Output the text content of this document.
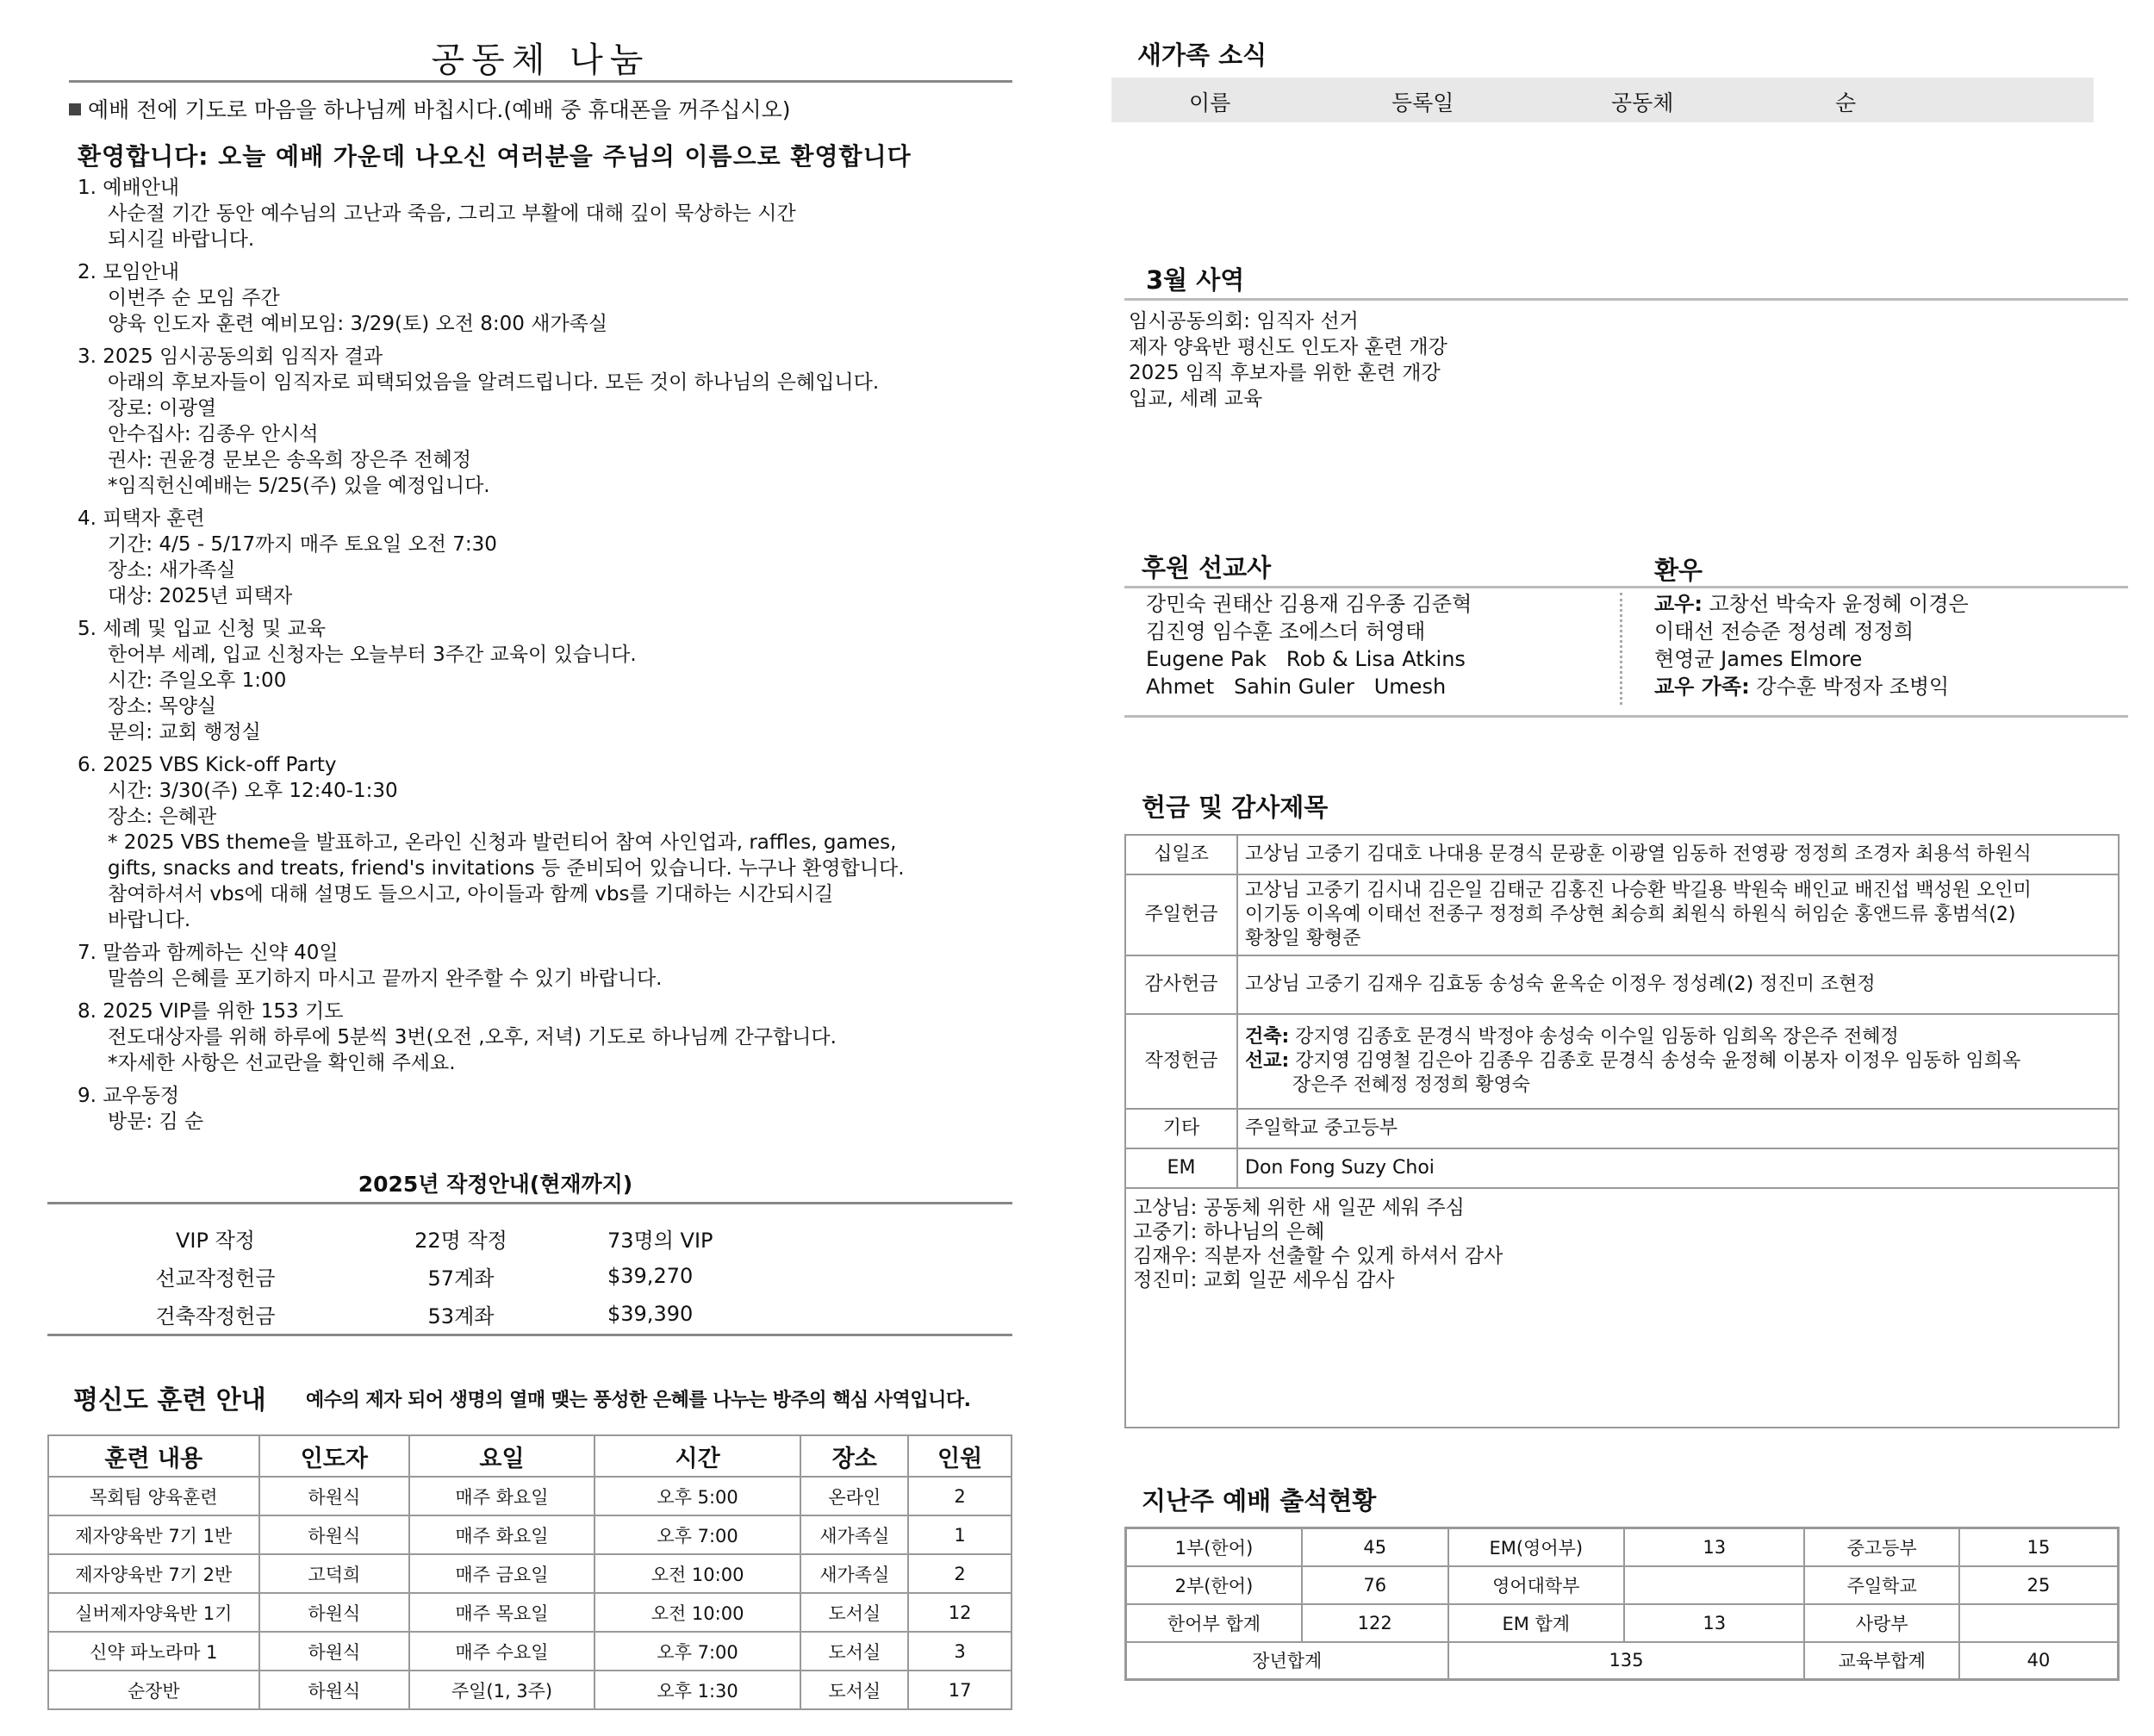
공동체 나눔
예배 전에 기도로 마음을 하나님께 바칩시다.(예배 중 휴대폰을 꺼주십시오)
환영합니다: 오늘 예배 가운데 나오신 여러분을 주님의 이름으로 환영합니다
1. 예배안내
사순절 기간 동안 예수님의 고난과 죽음, 그리고 부활에 대해 깊이 묵상하는 시간
되시길 바랍니다.
2. 모임안내
이번주 순 모임 주간
양육 인도자 훈련 예비모임: 3/29(토) 오전 8:00 새가족실
3. 2025 임시공동의회 임직자 결과
아래의 후보자들이 임직자로 피택되었음을 알려드립니다. 모든 것이 하나님의 은혜입니다.
장로: 이광열
안수집사: 김종우 안시석
권사: 권윤경 문보은 송옥희 장은주 전혜정
*임직헌신예배는 5/25(주) 있을 예정입니다.
4. 피택자 훈련
기간: 4/5 - 5/17까지 매주 토요일 오전 7:30
장소: 새가족실
대상: 2025년 피택자
5. 세례 및 입교 신청 및 교육
한어부 세례, 입교 신청자는 오늘부터 3주간 교육이 있습니다.
시간: 주일오후 1:00
장소: 목양실
문의: 교회 행정실
6. 2025 VBS Kick-off Party
시간: 3/30(주) 오후 12:40-1:30
장소: 은혜관
* 2025 VBS theme을 발표하고, 온라인 신청과 발런티어 참여 사인업과, raffles, games,
gifts, snacks and treats, friend's invitations 등 준비되어 있습니다. 누구나 환영합니다.
참여하셔서 vbs에 대해 설명도 들으시고, 아이들과 함께 vbs를 기대하는 시간되시길
바랍니다.
7. 말씀과 함께하는 신약 40일
말씀의 은혜를 포기하지 마시고 끝까지 완주할 수 있기 바랍니다.
8. 2025 VIP를 위한 153 기도
전도대상자를 위해 하루에 5분씩 3번(오전 ,오후, 저녁) 기도로 하나님께 간구합니다.
*자세한 사항은 선교란을 확인해 주세요.
9. 교우동정
방문: 김 순
2025년 작정안내(현재까지)
VIP 작정	22명 작정	73명의 VIP
선교작정헌금	57계좌	$39,270
건축작정헌금	53계좌	$39,390
평신도 훈련 안내 예수의 제자 되어 생명의 열매 맺는 풍성한 은혜를 나누는 방주의 핵심 사역입니다.
훈련 내용	인도자	요일	시간	장소	인원
목회팀 양육훈련	하원식	매주 화요일	오후 5:00	온라인	2
제자양육반 7기 1반	하원식	매주 화요일	오후 7:00	새가족실	1
제자양육반 7기 2반	고덕희	매주 금요일	오전 10:00	새가족실	2
실버제자양육반 1기	하원식	매주 목요일	오전 10:00	도서실	12
신약 파노라마 1	하원식	매주 수요일	오후 7:00	도서실	3
순장반	하원식	주일(1, 3주)	오후 1:30	도서실	17
새가족 소식
이름	등록일	공동체	순
3월 사역
임시공동의회: 임직자 선거
제자 양육반 평신도 인도자 훈련 개강
2025 임직 후보자를 위한 훈련 개강
입교, 세례 교육
후원 선교사	환우
강민숙 권태산 김용재 김우종 김준혁
김진영 임수훈 조에스더 허영태
Eugene Pak   Rob & Lisa Atkins
Ahmet   Sahin Guler   Umesh
교우: 고창선 박숙자 윤정혜 이경은
이태선 전승준 정성례 정정희
현영균 James Elmore
교우 가족: 강수훈 박정자 조병익
헌금 및 감사제목
십일조	고상님 고중기 김대호 나대용 문경식 문광훈 이광열 임동하 전영광 정정희 조경자 최용석 하원식

주일헌금	고상님 고중기 김시내 김은일 김태군 김홍진 나승환 박길용 박원숙 배인교 배진섭 백성원 오인미
이기동 이옥예 이태선 전종구 정정희 주상현 최승희 최원식 하원식 허임순 홍앤드류 홍범석(2)
황창일 황형준

감사헌금	고상님 고중기 김재우 김효동 송성숙 윤옥순 이정우 정성례(2) 정진미 조현정

작정헌금	건축: 강지영 김종호 문경식 박정야 송성숙 이수일 임동하 임희옥 장은주 전혜정
선교: 강지영 김영철 김은아 김종우 김종호 문경식 송성숙 윤정혜 이봉자 이정우 임동하 임희옥
장은주 전혜정 정정희 황영숙

기타	주일학교 중고등부

EM	Don Fong Suzy Choi

고상님: 공동체 위한 새 일꾼 세워 주심
고중기: 하나님의 은혜
김재우: 직분자 선출할 수 있게 하셔서 감사
정진미: 교회 일꾼 세우심 감사	
지난주 예배 출석현황
1부(한어)	45	EM(영어부)	13	중고등부	15
2부(한어)	76	영어대학부		주일학교	25
한어부 합계	122	EM 합계	13	사랑부	
장년합계		135		교육부합계	40
